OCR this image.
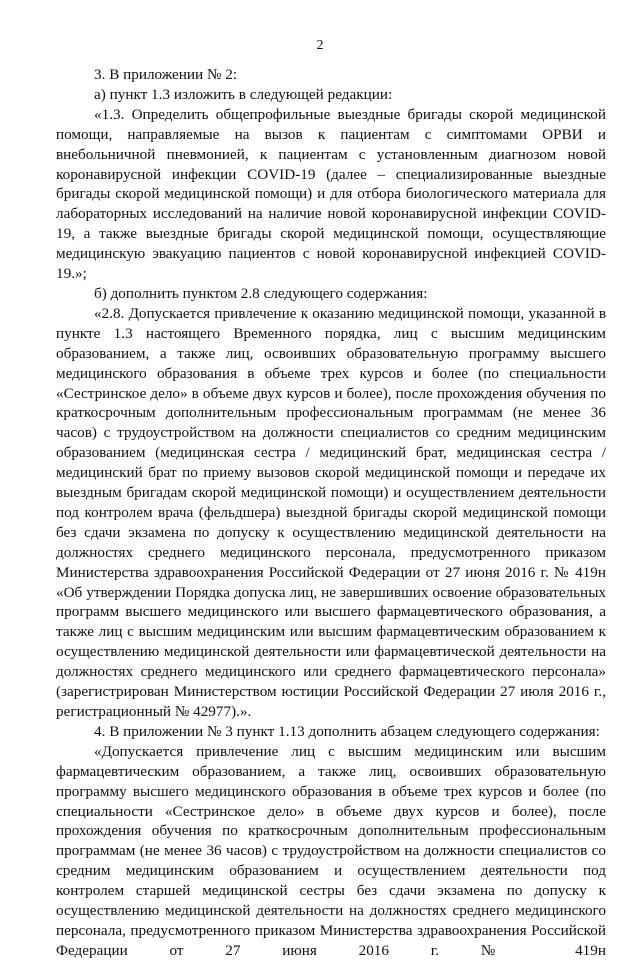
2

3. В приложении № 2:

а) пункт 1.3 изложить в следующей редакции:

«1.3. Определить общепрофильные выездные бригады скорой медицинской помощи, направляемые на вызов к пациентам с симптомами ОРВИ и внебольничной пневмонией, к пациентам с установленным диагнозом новой коронавирусной инфекции COVID-19 (далее – специализированные выездные бригады скорой медицинской помощи) и для отбора биологического материала для лабораторных исследований на наличие новой коронавирусной инфекции COVID-19, а также выездные бригады скорой медицинской помощи, осуществляющие медицинскую эвакуацию пациентов с новой коронавирусной инфекцией COVID-19.»;

б) дополнить пунктом 2.8 следующего содержания:

«2.8. Допускается привлечение к оказанию медицинской помощи, указанной в пункте 1.3 настоящего Временного порядка, лиц с высшим медицинским образованием, а также лиц, освоивших образовательную программу высшего медицинского образования в объеме трех курсов и более (по специальности «Сестринское дело» в объеме двух курсов и более), после прохождения обучения по краткосрочным дополнительным профессиональным программам (не менее 36 часов) с трудоустройством на должности специалистов со средним медицинским образованием (медицинская сестра / медицинский брат, медицинская сестра / медицинский брат по приему вызовов скорой медицинской помощи и передаче их выездным бригадам скорой медицинской помощи) и осуществлением деятельности под контролем врача (фельдшера) выездной бригады скорой медицинской помощи без сдачи экзамена по допуску к осуществлению медицинской деятельности на должностях среднего медицинского персонала, предусмотренного приказом Министерства здравоохранения Российской Федерации от 27 июня 2016 г. № 419н «Об утверждении Порядка допуска лиц, не завершивших освоение образовательных программ высшего медицинского или высшего фармацевтического образования, а также лиц с высшим медицинским или высшим фармацевтическим образованием к осуществлению медицинской деятельности или фармацевтической деятельности на должностях среднего медицинского или среднего фармацевтического персонала» (зарегистрирован Министерством юстиции Российской Федерации 27 июля 2016 г., регистрационный № 42977).».

4. В приложении № 3 пункт 1.13 дополнить абзацем следующего содержания:

«Допускается привлечение лиц с высшим медицинским или высшим фармацевтическим образованием, а также лиц, освоивших образовательную программу высшего медицинского образования в объеме трех курсов и более (по специальности «Сестринское дело» в объеме двух курсов и более), после прохождения обучения по краткосрочным дополнительным профессиональным программам (не менее 36 часов) с трудоустройством на должности специалистов со средним медицинским образованием и осуществлением деятельности под контролем старшей медицинской сестры без сдачи экзамена по допуску к осуществлению медицинской деятельности на должностях среднего медицинского персонала, предусмотренного приказом Министерства здравоохранения Российской Федерации от 27 июня 2016 г. № 419н
